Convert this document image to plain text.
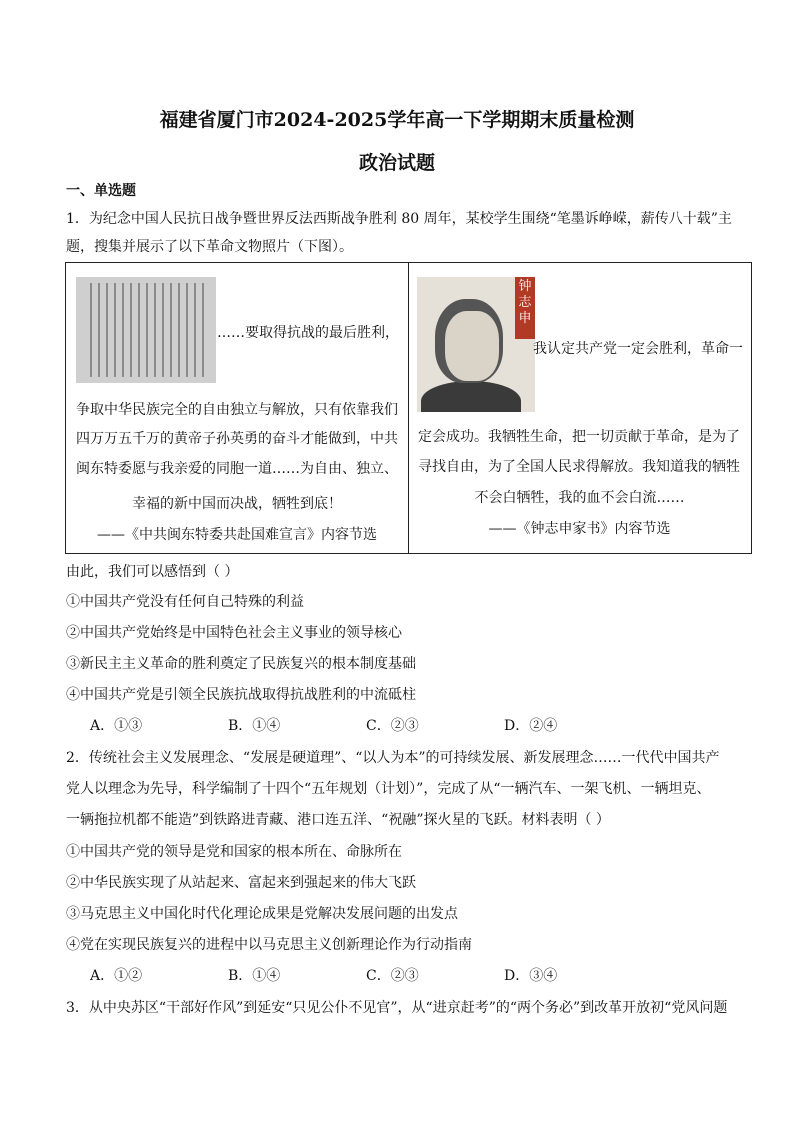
福建省厦门市2024-2025学年高一下学期期末质量检测
政治试题
一、单选题
1．为纪念中国人民抗日战争暨世界反法西斯战争胜利 80 周年，某校学生围绕“笔墨诉峥嵘，薪传八十载”主
题，搜集并展示了以下革命文物照片（下图）。
……要取得抗战的最后胜利，
争取中华民族完全的自由独立与解放，只有依靠我们
四万万五千万的黄帝子孙英勇的奋斗才能做到，中共
闽东特委愿与我亲爱的同胞一道……为自由、独立、
幸福的新中国而决战，牺牲到底！
——《中共闽东特委共赴国难宣言》内容节选
钟志申
我认定共产党一定会胜利，革命一
定会成功。我牺牲生命，把一切贡献于革命，是为了
寻找自由，为了全国人民求得解放。我知道我的牺牲
不会白牺牲，我的血不会白流……
——《钟志申家书》内容节选
由此，我们可以感悟到（ ）
①中国共产党没有任何自己特殊的利益
②中国共产党始终是中国特色社会主义事业的领导核心
③新民主主义革命的胜利奠定了民族复兴的根本制度基础
④中国共产党是引领全民族抗战取得抗战胜利的中流砥柱
A．①③	B．①④	C．②③	D．②④
2．传统社会主义发展理念、“发展是硬道理”、“以人为本”的可持续发展、新发展理念……一代代中国共产
党人以理念为先导，科学编制了十四个“五年规划（计划）”，完成了从“一辆汽车、一架飞机、一辆坦克、
一辆拖拉机都不能造”到铁路进青藏、港口连五洋、“祝融”探火星的飞跃。材料表明（ ）
①中国共产党的领导是党和国家的根本所在、命脉所在
②中华民族实现了从站起来、富起来到强起来的伟大飞跃
③马克思主义中国化时代化理论成果是党解决发展问题的出发点
④党在实现民族复兴的进程中以马克思主义创新理论作为行动指南
A．①②	B．①④	C．②③	D．③④
3．从中央苏区“干部好作风”到延安“只见公仆不见官”，从“进京赶考”的“两个务必”到改革开放初“党风问题
